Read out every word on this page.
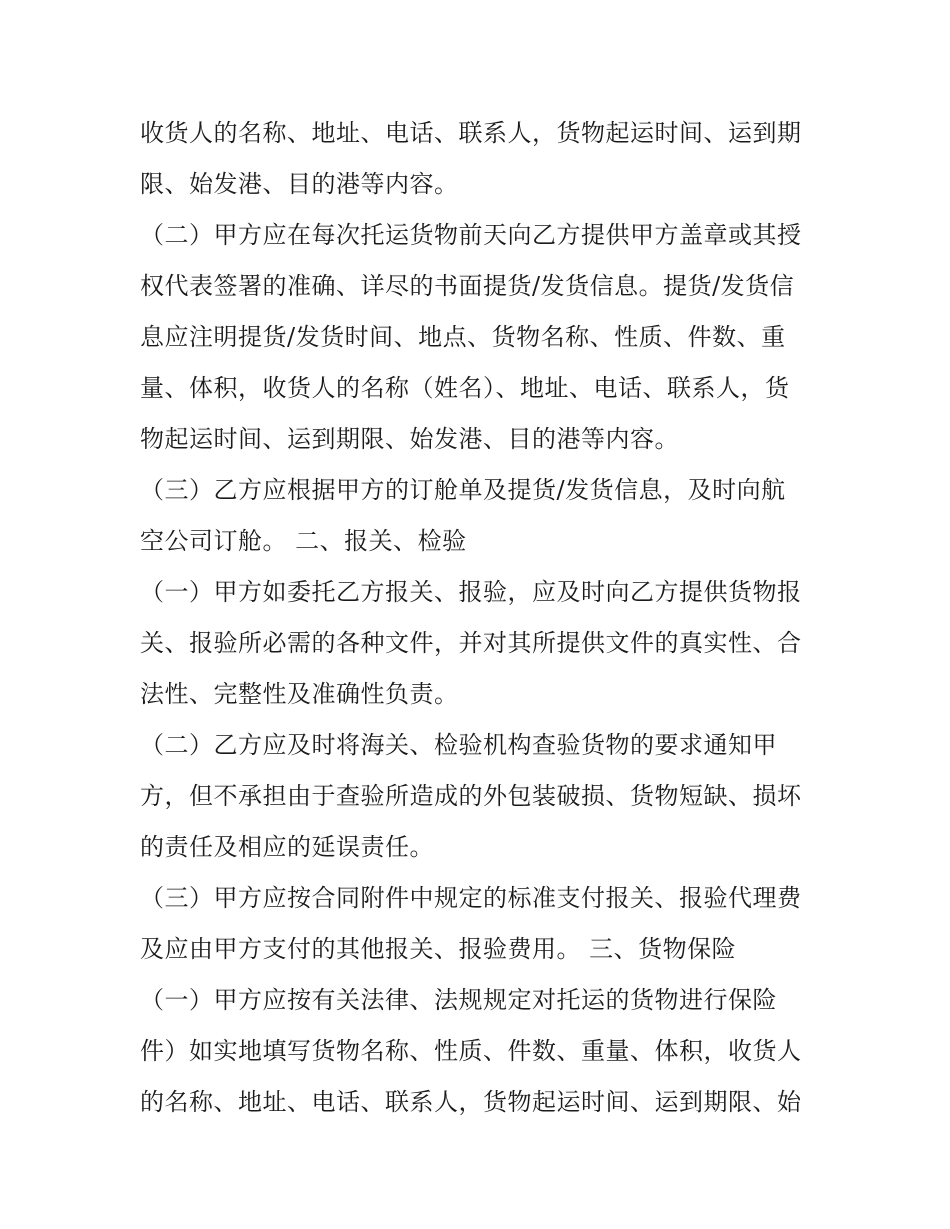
收货人的名称、地址、电话、联系人，货物起运时间、运到期
限、始发港、目的港等内容。
（二）甲方应在每次托运货物前天向乙方提供甲方盖章或其授
权代表签署的准确、详尽的书面提货/发货信息。提货/发货信
息应注明提货/发货时间、地点、货物名称、性质、件数、重
量、体积，收货人的名称（姓名）、地址、电话、联系人，货
物起运时间、运到期限、始发港、目的港等内容。
（三）乙方应根据甲方的订舱单及提货/发货信息，及时向航
空公司订舱。 二、报关、检验
（一）甲方如委托乙方报关、报验，应及时向乙方提供货物报
关、报验所必需的各种文件，并对其所提供文件的真实性、合
法性、完整性及准确性负责。
（二）乙方应及时将海关、检验机构查验货物的要求通知甲
方，但不承担由于查验所造成的外包装破损、货物短缺、损坏
的责任及相应的延误责任。
（三）甲方应按合同附件中规定的标准支付报关、报验代理费
及应由甲方支付的其他报关、报验费用。 三、货物保险
（一）甲方应按有关法律、法规规定对托运的货物进行保险
件）如实地填写货物名称、性质、件数、重量、体积，收货人
的名称、地址、电话、联系人，货物起运时间、运到期限、始
